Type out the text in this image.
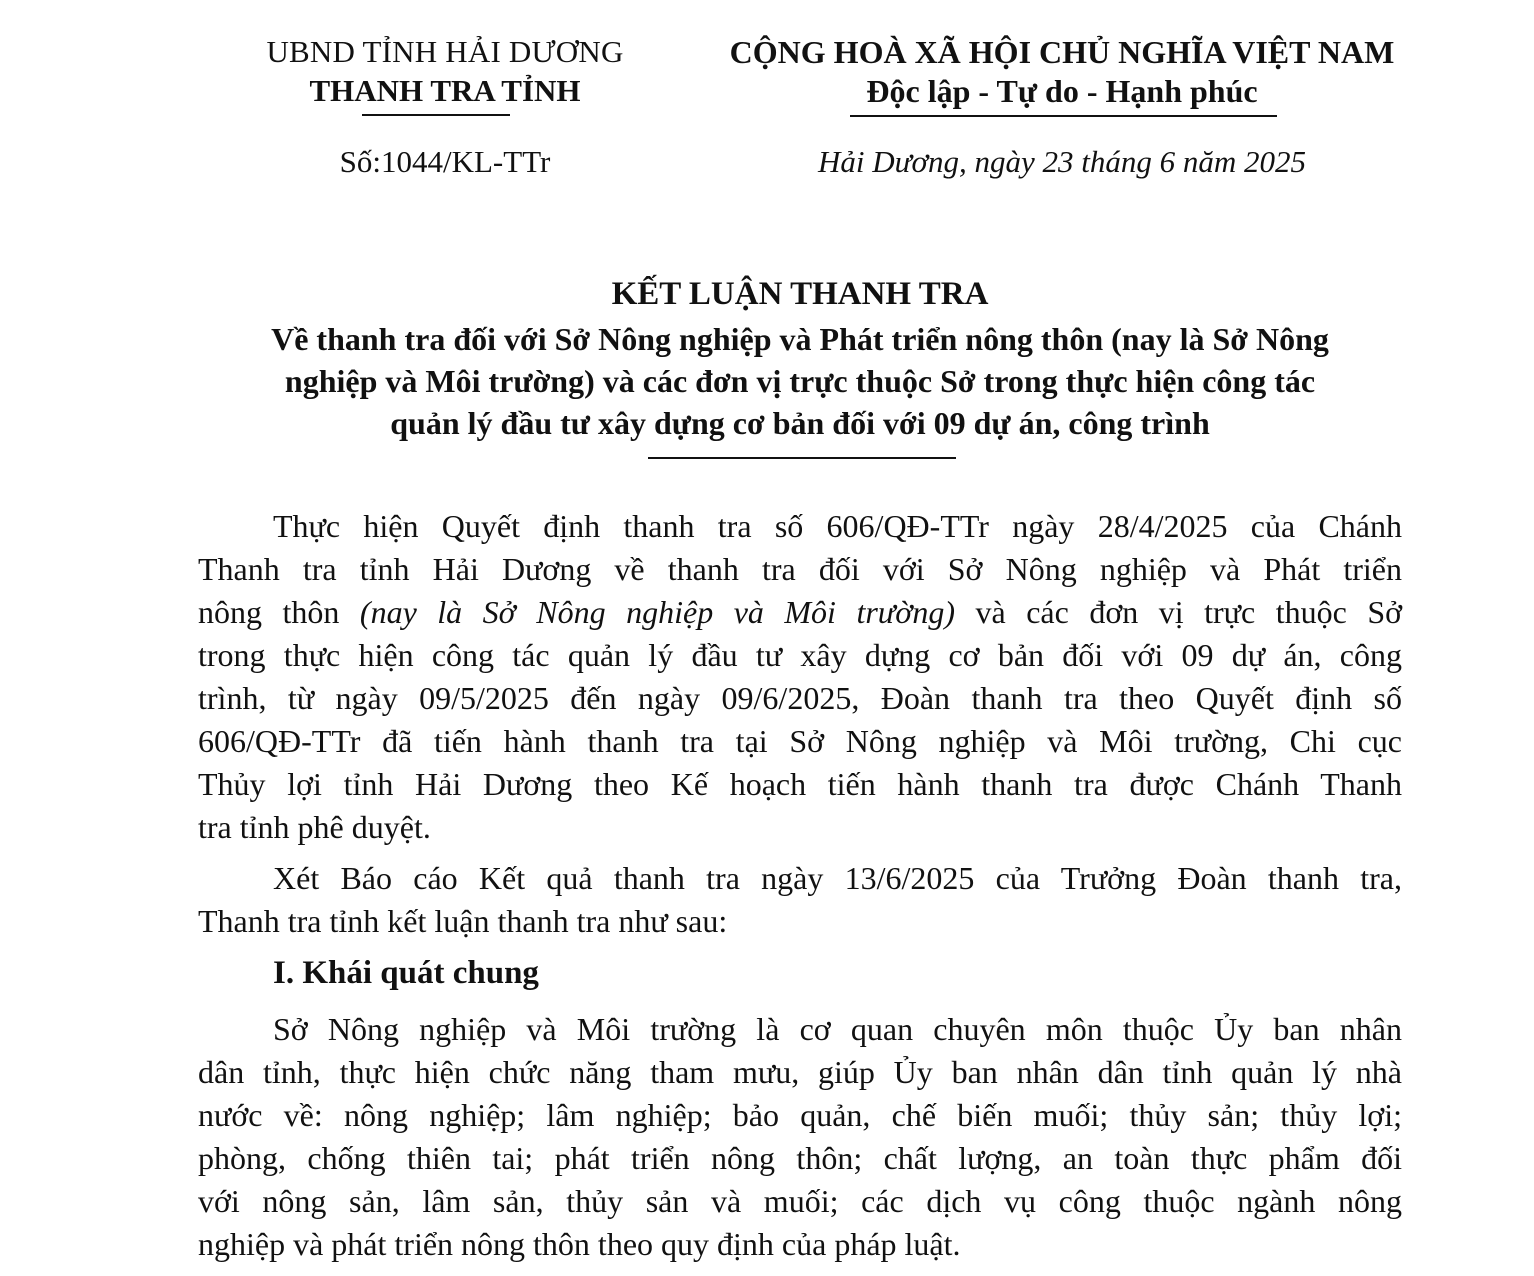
UBND TỈNH HẢI DƯƠNG
THANH TRA TỈNH
Số:1044/KL-TTr
CỘNG HOÀ XÃ HỘI CHỦ NGHĨA VIỆT NAM
Độc lập - Tự do - Hạnh phúc
Hải Dương, ngày 23 tháng 6 năm 2025
KẾT LUẬN THANH TRA
Về thanh tra đối với Sở Nông nghiệp và Phát triển nông thôn (nay là Sở Nông
nghiệp và Môi trường) và các đơn vị trực thuộc Sở trong thực hiện công tác
quản lý đầu tư xây dựng cơ bản đối với 09 dự án, công trình
Thực hiện Quyết định thanh tra số 606/QĐ-TTr ngày 28/4/2025 của Chánh
Thanh tra tỉnh Hải Dương về thanh tra đối với Sở Nông nghiệp và Phát triển
nông thôn (nay là Sở Nông nghiệp và Môi trường) và các đơn vị trực thuộc Sở
trong thực hiện công tác quản lý đầu tư xây dựng cơ bản đối với 09 dự án, công
trình, từ ngày 09/5/2025 đến ngày 09/6/2025, Đoàn thanh tra theo Quyết định số
606/QĐ-TTr đã tiến hành thanh tra tại Sở Nông nghiệp và Môi trường, Chi cục
Thủy lợi tỉnh Hải Dương theo Kế hoạch tiến hành thanh tra được Chánh Thanh
tra tỉnh phê duyệt.
Xét Báo cáo Kết quả thanh tra ngày 13/6/2025 của Trưởng Đoàn thanh tra,
Thanh tra tỉnh kết luận thanh tra như sau:
I. Khái quát chung
Sở Nông nghiệp và Môi trường là cơ quan chuyên môn thuộc Ủy ban nhân
dân tỉnh, thực hiện chức năng tham mưu, giúp Ủy ban nhân dân tỉnh quản lý nhà
nước về: nông nghiệp; lâm nghiệp; bảo quản, chế biến muối; thủy sản; thủy lợi;
phòng, chống thiên tai; phát triển nông thôn; chất lượng, an toàn thực phẩm đối
với nông sản, lâm sản, thủy sản và muối; các dịch vụ công thuộc ngành nông
nghiệp và phát triển nông thôn theo quy định của pháp luật.
